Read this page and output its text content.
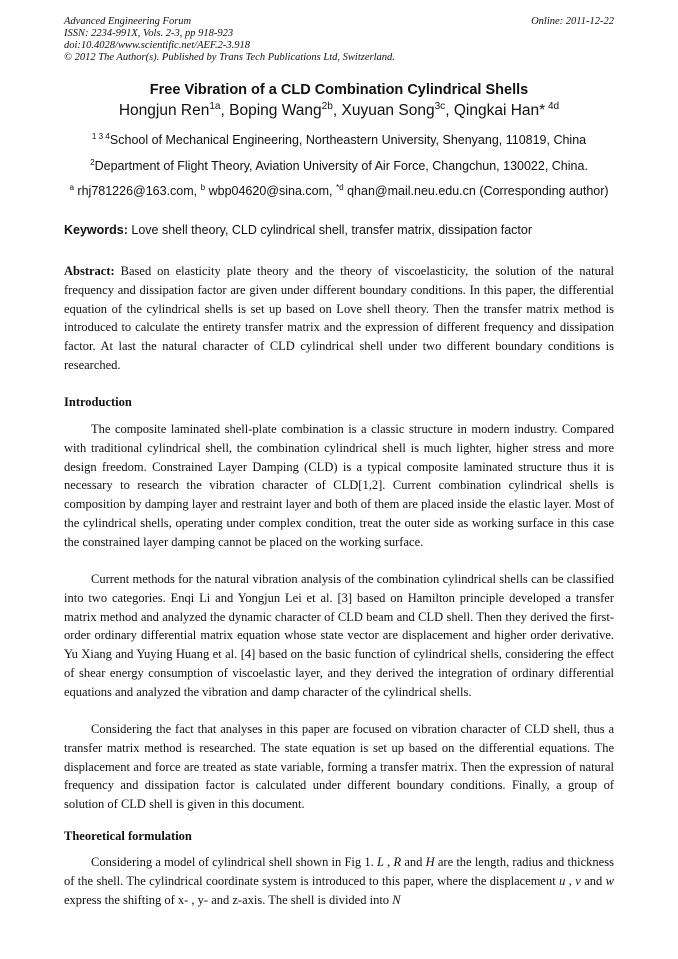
Advanced Engineering Forum	Online: 2011-12-22
ISSN: 2234-991X, Vols. 2-3, pp 918-923
doi:10.4028/www.scientific.net/AEF.2-3.918
© 2012 The Author(s). Published by Trans Tech Publications Ltd, Switzerland.
Free Vibration of a CLD Combination Cylindrical Shells
Hongjun Ren$^{1a}$, Boping Wang$^{2b}$, Xuyuan Song$^{3c}$, Qingkai Han* $^{4d}$
$^{1 3 4}$School of Mechanical Engineering, Northeastern University, Shenyang, 110819, China
$^2$Department of Flight Theory, Aviation University of Air Force, Changchun, 130022, China.
$^a$ rhj781226@163.com, $^b$ wbp04620@sina.com, $^{*d}$ qhan@mail.neu.edu.cn (Corresponding author)
Keywords: Love shell theory, CLD cylindrical shell, transfer matrix, dissipation factor

Abstract: Based on elasticity plate theory and the theory of viscoelasticity, the solution of the natural frequency and dissipation factor are given under different boundary conditions. In this paper, the differential equation of the cylindrical shells is set up based on Love shell theory. Then the transfer matrix method is introduced to calculate the entirety transfer matrix and the expression of different frequency and dissipation factor. At last the natural character of CLD cylindrical shell under two different boundary conditions is researched.

Introduction

The composite laminated shell-plate combination is a classic structure in modern industry. Compared with traditional cylindrical shell, the combination cylindrical shell is much lighter, higher stress and more design freedom. Constrained Layer Damping (CLD) is a typical composite laminated structure thus it is necessary to research the vibration character of CLD[1,2]. Current combination cylindrical shells is composition by damping layer and restraint layer and both of them are placed inside the elastic layer. Most of the cylindrical shells, operating under complex condition, treat the outer side as working surface in this case the constrained layer damping cannot be placed on the working surface.

Current methods for the natural vibration analysis of the combination cylindrical shells can be classified into two categories. Enqi Li and Yongjun Lei et al. [3] based on Hamilton principle developed a transfer matrix method and analyzed the dynamic character of CLD beam and CLD shell. Then they derived the first-order ordinary differential matrix equation whose state vector are displacement and higher order derivative. Yu Xiang and Yuying Huang et al. [4] based on the basic function of cylindrical shells, considering the effect of shear energy consumption of viscoelastic layer, and they derived the integration of ordinary differential equations and analyzed the vibration and damp character of the cylindrical shells.

Considering the fact that analyses in this paper are focused on vibration character of CLD shell, thus a transfer matrix method is researched. The state equation is set up based on the differential equations. The displacement and force are treated as state variable, forming a transfer matrix. Then the expression of natural frequency and dissipation factor is calculated under different boundary conditions. Finally, a group of solution of CLD shell is given in this document.

Theoretical formulation

Considering a model of cylindrical shell shown in Fig 1. L , R and H are the length, radius and thickness of the shell. The cylindrical coordinate system is introduced to this paper, where the displacement u , v and w express the shifting of x- , y- and z-axis. The shell is divided into N
